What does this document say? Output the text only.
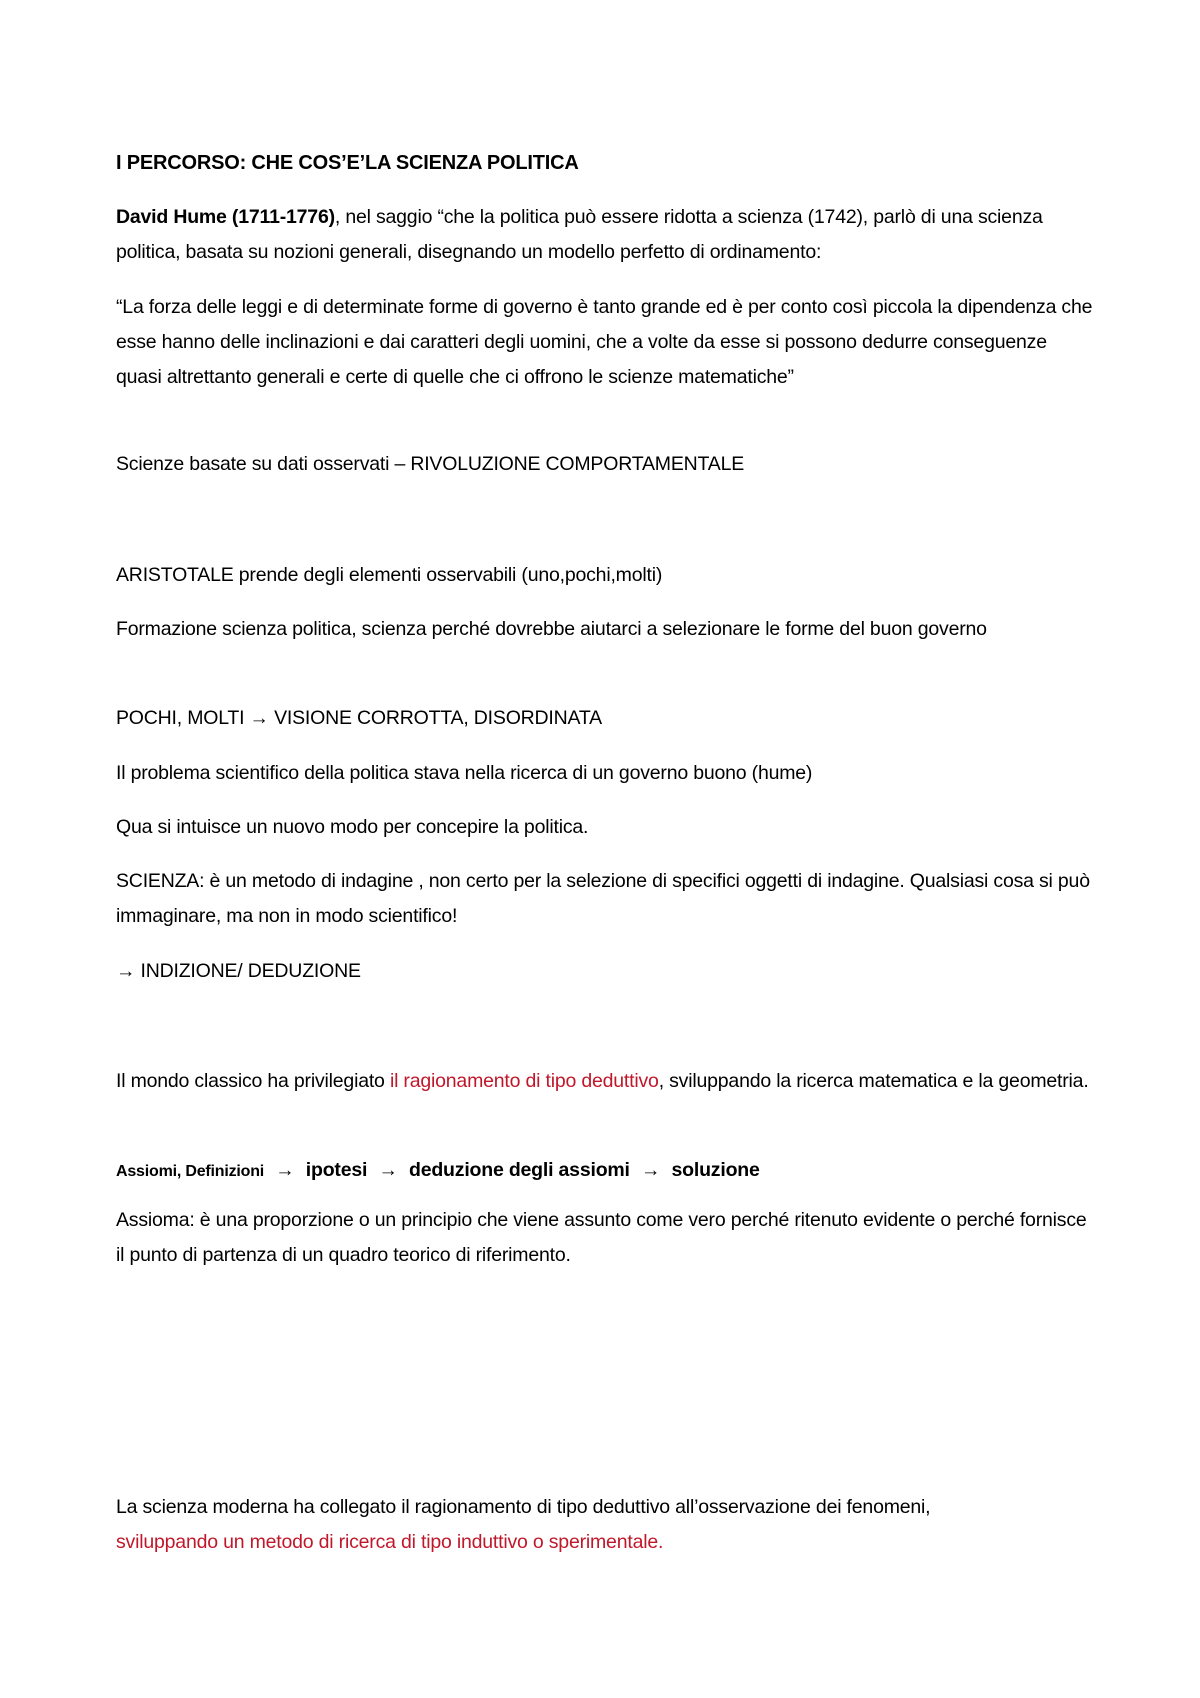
I PERCORSO: CHE COS’E’LA SCIENZA POLITICA

David Hume (1711-1776), nel saggio “che la politica può essere ridotta a scienza (1742), parlò di una scienza politica, basata su nozioni generali, disegnando un modello perfetto di ordinamento:

“La forza delle leggi e di determinate forme di governo è tanto grande ed è per conto così piccola la dipendenza che esse hanno delle inclinazioni e dai caratteri degli uomini, che a volte da esse si possono dedurre conseguenze quasi altrettanto generali e certe di quelle che ci offrono le scienze matematiche”

Scienze basate su dati osservati – RIVOLUZIONE COMPORTAMENTALE

ARISTOTALE prende degli elementi osservabili (uno,pochi,molti)

Formazione scienza politica, scienza perché dovrebbe aiutarci a selezionare le forme del buon governo

POCHI, MOLTI → VISIONE CORROTTA, DISORDINATA

Il problema scientifico della politica stava nella ricerca di un governo buono (hume)

Qua si intuisce un nuovo modo per concepire la politica.

SCIENZA: è un metodo di indagine , non certo per la selezione di specifici oggetti di indagine. Qualsiasi cosa si può immaginare, ma non in modo scientifico!

→ INDIZIONE/ DEDUZIONE

Il mondo classico ha privilegiato il ragionamento di tipo deduttivo, sviluppando la ricerca matematica e la geometria.

Assiomi, Definizioni → ipotesi → deduzione degli assiomi → soluzione

Assioma: è una proporzione o un principio che viene assunto come vero perché ritenuto evidente o perché fornisce il punto di partenza di un quadro teorico di riferimento.

La scienza moderna ha collegato il ragionamento di tipo deduttivo all’osservazione dei fenomeni,
sviluppando un metodo di ricerca di tipo induttivo o sperimentale.
